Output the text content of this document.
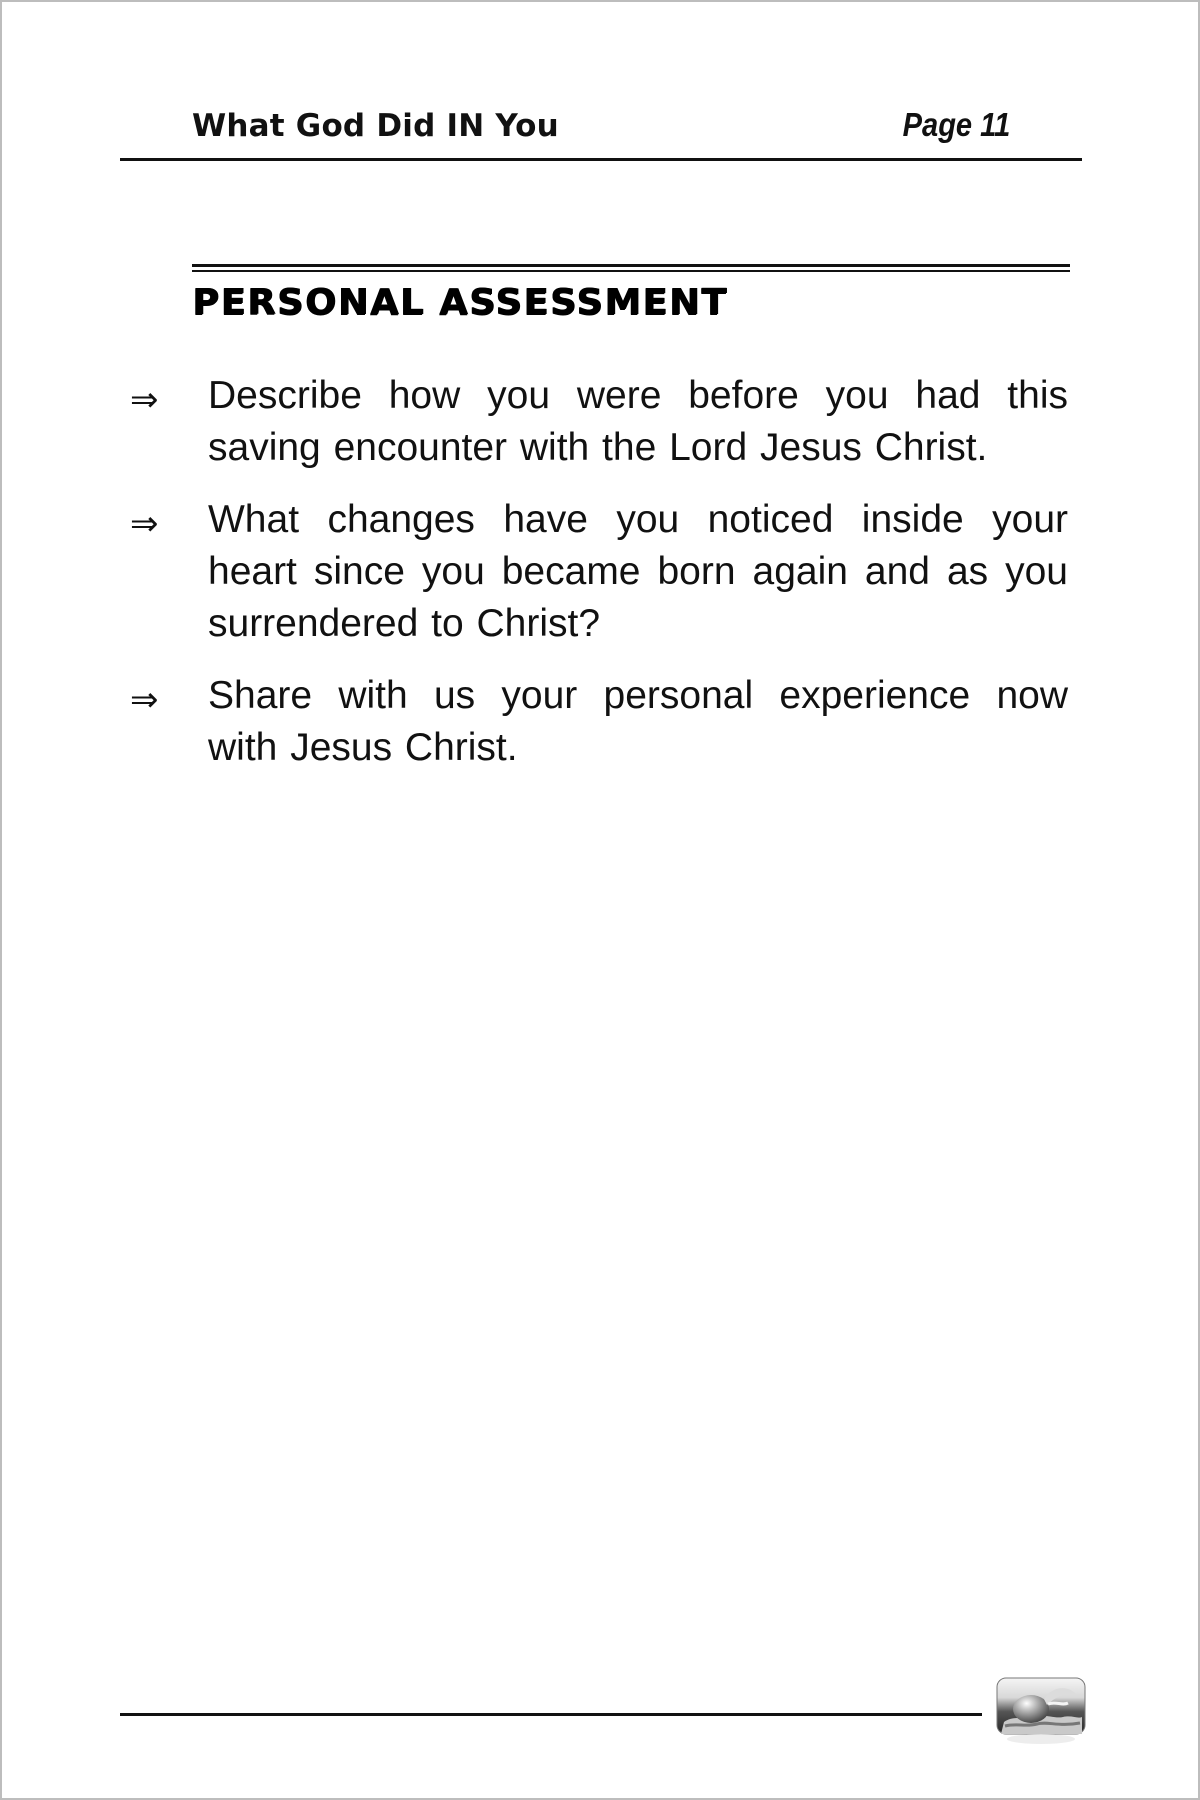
What God Did IN You	Page 11
PERSONAL ASSESSMENT
⇒	Describe how you were before you had this saving encounter with the Lord Jesus Christ.
⇒	What changes have you noticed inside your heart since you became born again and as you surrendered to Christ?
⇒	Share with us your personal experience now with Jesus Christ.
